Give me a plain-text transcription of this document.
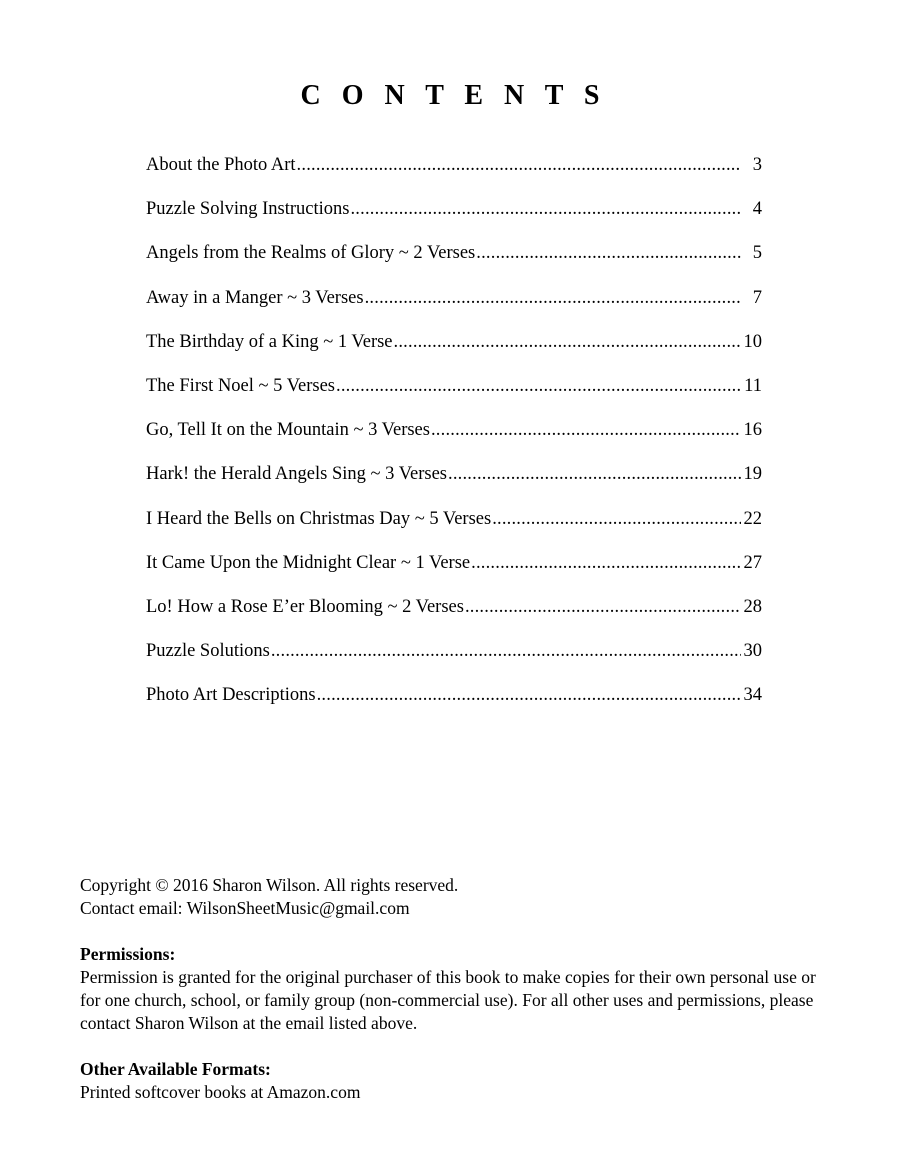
C O N T E N T S
About the Photo Art .....	3
Puzzle Solving Instructions .....	4
Angels from the Realms of Glory ~ 2 Verses .....	5
Away in a Manger ~ 3 Verses .....	7
The Birthday of a King ~ 1 Verse .....	10
The First Noel ~ 5 Verses .....	11
Go, Tell It on the Mountain ~ 3 Verses .....	16
Hark! the Herald Angels Sing ~ 3 Verses .....	19
I Heard the Bells on Christmas Day ~ 5 Verses .....	22
It Came Upon the Midnight Clear ~ 1 Verse .....	27
Lo! How a Rose E’er Blooming ~ 2 Verses .....	28
Puzzle Solutions .....	30
Photo Art Descriptions .....	34

Copyright © 2016 Sharon Wilson. All rights reserved.

Contact email: WilsonSheetMusic@gmail.com

Permissions:

Permission is granted for the original purchaser of this book to make copies for their own personal use or for one church, school, or family group (non-commercial use). For all other uses and permissions, please contact Sharon Wilson at the email listed above.

Other Available Formats:

Printed softcover books at Amazon.com
